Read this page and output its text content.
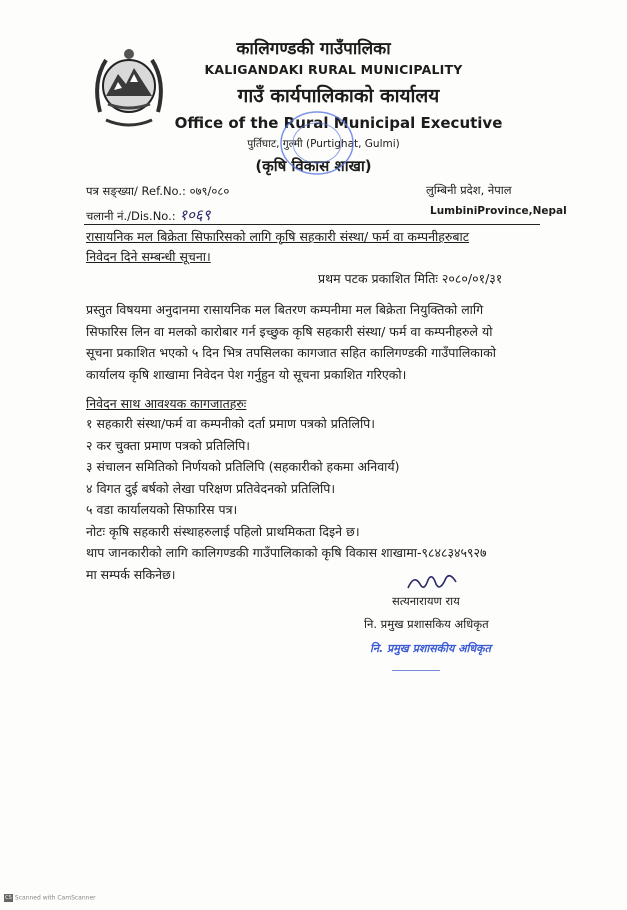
कालिगण्डकी गाउँपालिका
KALIGANDAKI RURAL MUNICIPALITY
गाउँ कार्यपालिकाको कार्यालय
Office of the Rural Municipal Executive
पुर्तिघाट, गुल्मी (Purtighat, Gulmi)
(कृषि विकास शाखा)
पत्र सङ्ख्या/ Ref.No.: ०७९/०८०	लुम्बिनी प्रदेश, नेपाल
चलानी नं./Dis.No.: १०६९	LumbiniProvince,Nepal
रासायनिक मल बिक्रेता सिफारिसको लागि कृषि सहकारी संस्था/ फर्म वा कम्पनीहरुबाट
निवेदन दिने सम्बन्धी सूचना।
प्रथम पटक प्रकाशित मितिः २०८०/०१/३१
प्रस्तुत विषयमा अनुदानमा रासायनिक मल बितरण कम्पनीमा मल बिक्रेता नियुक्तिको लागि
सिफारिस लिन वा मलको कारोबार गर्न इच्छुक कृषि सहकारी संस्था/ फर्म वा कम्पनीहरुले यो
सूचना प्रकाशित भएको ५ दिन भित्र तपसिलका कागजात सहित कालिगण्डकी गाउँपालिकाको
कार्यालय कृषि शाखामा निवेदन पेश गर्नुहुन यो सूचना प्रकाशित गरिएको।
निवेदन साथ आवश्यक कागजातहरुः
१ सहकारी संस्था/फर्म वा कम्पनीको दर्ता प्रमाण पत्रको प्रतिलिपि।
२ कर चुक्ता प्रमाण पत्रको प्रतिलिपि।
३ संचालन समितिको निर्णयको प्रतिलिपि (सहकारीको हकमा अनिवार्य)
४ विगत दुई बर्षको लेखा परिक्षण प्रतिवेदनको प्रतिलिपि।
५ वडा कार्यालयको सिफारिस पत्र।
नोटः कृषि सहकारी संस्थाहरुलाई पहिलो प्राथमिकता दिइने छ।
थाप जानकारीको लागि कालिगण्डकी गाउँपालिकाको कृषि विकास शाखामा-९८४८३४५९२७
मा सम्पर्क सकिनेछ।
सत्यनारायण राय
नि. प्रमुख प्रशासकिय अधिकृत
नि. प्रमुख प्रशासकीय अधिकृत
CS Scanned with CamScanner
